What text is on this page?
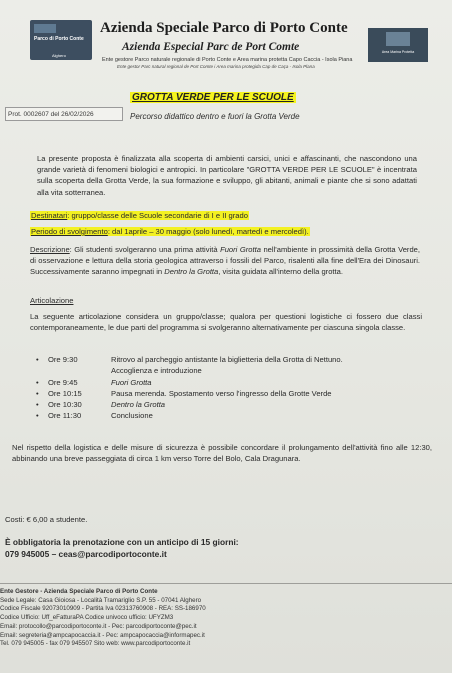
Parco di Porto Conte
Alghero
Azienda Speciale Parco di Porto Conte
Azienda Especial Parc de Port Comte
Ente gestore Parco naturale regionale di Porto Conte e Area marina protetta Capo Caccia - Isola Piana
Ente gestor Parc natural regional de Port Comte i Area marina protegida Cap de Caça - Isola Plana
Area Marina Protetta
Prot. 0002607 del 26/02/2026
GROTTA VERDE PER LE SCUOLE
Percorso didattico dentro e fuori la Grotta Verde
La presente proposta è finalizzata alla scoperta di ambienti carsici, unici e affascinanti, che nascondono una grande varietà di fenomeni biologici e antropici. In particolare "GROTTA VERDE PER LE SCUOLE" è incentrata sulla scoperta della Grotta Verde, la sua formazione e sviluppo, gli abitanti, animali e piante che si sono adattati alla vita sotterranea.
Destinatari: gruppo/classe delle Scuole secondarie di I e II grado
Periodo di svolgimento: dal 1aprile – 30 maggio (solo lunedì, martedì e mercoledì).
Descrizione: Gli studenti svolgeranno una prima attività Fuori Grotta nell'ambiente in prossimità della Grotta Verde, di osservazione e lettura della storia geologica attraverso i fossili del Parco, risalenti alla fine dell'Era dei Dinosauri. Successivamente saranno impegnati in Dentro la Grotta, visita guidata all'interno della grotta.
Articolazione
La seguente articolazione considera un gruppo/classe; qualora per questioni logistiche ci fossero due classi contemporaneamente, le due parti del programma si svolgeranno alternativamente per ciascuna singola classe.
• Ore 9:30	Ritrovo al parcheggio antistante la biglietteria della Grotta di Nettuno.
Accoglienza e introduzione
• Ore 9:45	Fuori Grotta
• Ore 10:15	Pausa merenda. Spostamento verso l'ingresso della Grotte Verde
• Ore 10:30	Dentro la Grotta
• Ore 11:30	Conclusione
Nel rispetto della logistica e delle misure di sicurezza è possibile concordare il prolungamento dell'attività fino alle 12:30, abbinando una breve passeggiata di circa 1 km verso Torre del Bolo, Cala Dragunara.
Costi: € 6,00 a studente.
È obbligatoria la prenotazione con un anticipo di 15 giorni:
079 945005 – ceas@parcodiportoconte.it
Ente Gestore - Azienda Speciale Parco di Porto Conte
Sede Legale: Casa Gioiosa - Località Tramariglio S.P. 55 - 07041 Alghero
Codice Fiscale 92073010909 - Partita Iva 02313760908 - REA: SS-186970
Codice Ufficio: Uff_eFatturaPA Codice univoco ufficio: UFYZM3
Email: protocollo@parcodiportoconte.it - Pec: parcodiportoconte@pec.it
Email: segreteria@ampcapocaccia.it - Pec: ampcapocaccia@informapec.it
Tel. 079 945005 - fax 079 945507 Sito web: www.parcodiportoconte.it
